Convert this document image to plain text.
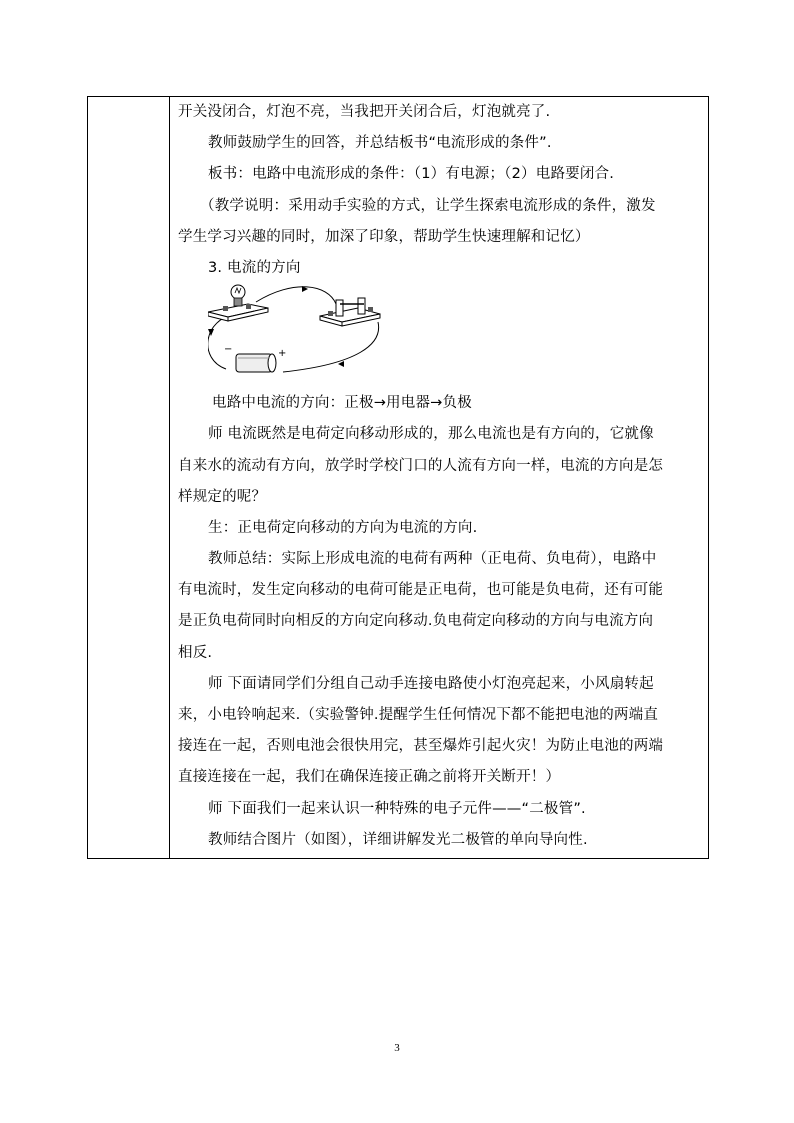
开关没闭合，灯泡不亮，当我把开关闭合后，灯泡就亮了.
教师鼓励学生的回答，并总结板书“电流形成的条件”.
板书：电路中电流形成的条件：（1）有电源；（2）电路要闭合.
（教学说明：采用动手实验的方式，让学生探索电流形成的条件，激发
学生学习兴趣的同时，加深了印象，帮助学生快速理解和记忆）
3. 电流的方向
−	+
电路中电流的方向：正极→用电器→负极
师 电流既然是电荷定向移动形成的，那么电流也是有方向的，它就像
自来水的流动有方向，放学时学校门口的人流有方向一样，电流的方向是怎
样规定的呢？
生：正电荷定向移动的方向为电流的方向.
教师总结：实际上形成电流的电荷有两种（正电荷、负电荷），电路中
有电流时，发生定向移动的电荷可能是正电荷，也可能是负电荷，还有可能
是正负电荷同时向相反的方向定向移动.负电荷定向移动的方向与电流方向
相反.
师 下面请同学们分组自己动手连接电路使小灯泡亮起来，小风扇转起
来，小电铃响起来.（实验警钟.提醒学生任何情况下都不能把电池的两端直
接连在一起，否则电池会很快用完，甚至爆炸引起火灾！为防止电池的两端
直接连接在一起，我们在确保连接正确之前将开关断开！）
师 下面我们一起来认识一种特殊的电子元件——“二极管”.
教师结合图片（如图），详细讲解发光二极管的单向导向性.
3
